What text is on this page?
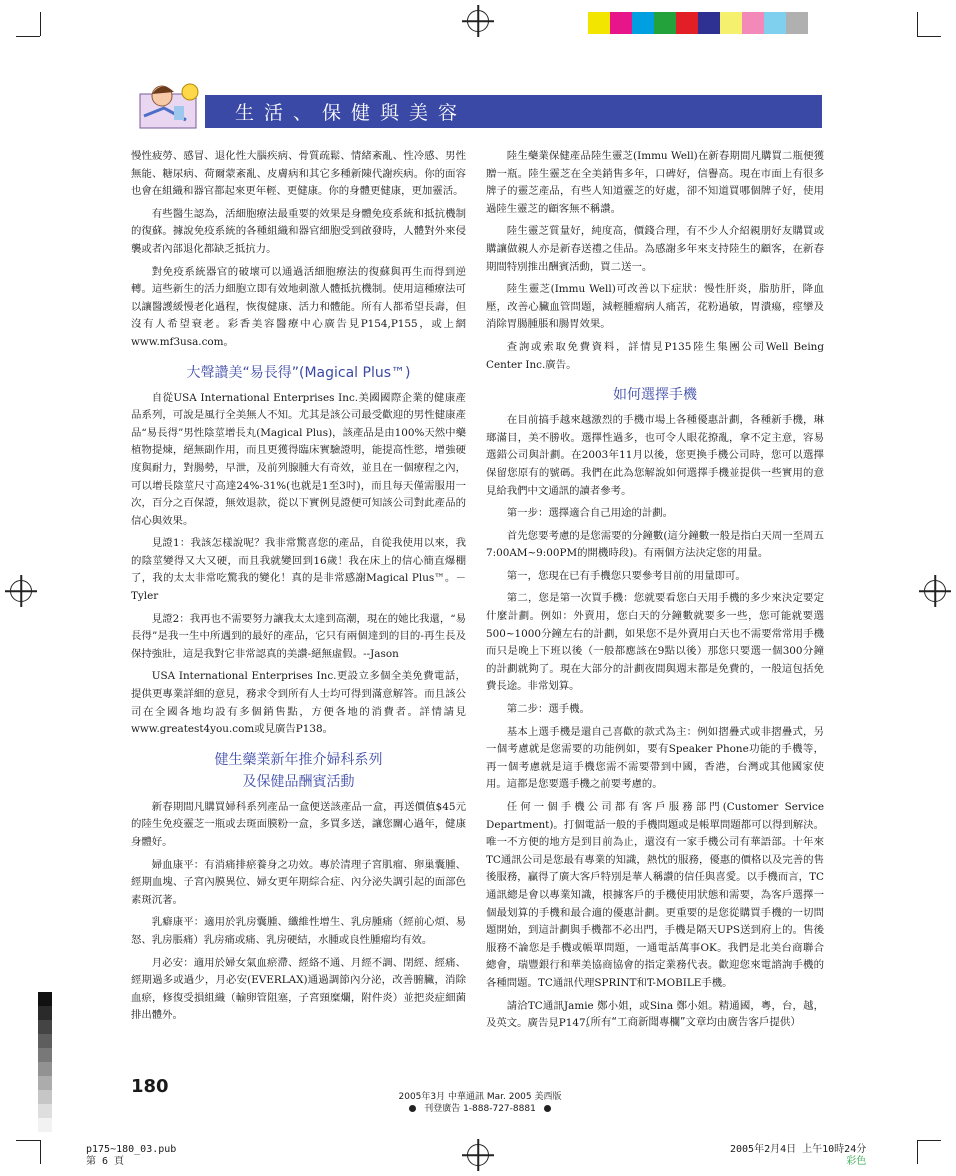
生活、保健與美容

慢性疲勞、感冒、退化性大腦疾病、骨質疏鬆、情緒紊亂、性冷感、男性無能、糖尿病、荷爾蒙紊亂、皮膚病和其它多種新陳代謝疾病。你的面容也會在組織和器官都起來更年輕、更健康。你的身體更健康，更加靈活。

有些醫生認為，活細胞療法最重要的效果是身體免疫系統和抵抗機制的復蘇。據說免疫系統的各種組織和器官細胞受到啟發時，人體對外來侵襲或者內部退化都缺乏抵抗力。

對免疫系統器官的破壞可以通過活細胞療法的復蘇與再生而得到逆轉。這些新生的活力細胞立即有效地刺激人體抵抗機制。使用這種療法可以讓醫護緩慢老化過程，恢復健康、活力和體能。所有人都希望長壽，但沒有人希望衰老。彩香美容醫療中心廣告見P154,P155，或上網www.mf3usa.com。

大聲讚美“易長得”(Magical Plus™)

自從USA International Enterprises Inc.美國國際企業的健康產品系列，可說是風行全美無人不知。尤其是該公司最受歡迎的男性健康產品“易長得”男性陰莖增長丸(Magical Plus)，該產品是由100%天然中藥植物提煉，絕無副作用，而且更獲得臨床實驗證明，能提高性慾，增強硬度與耐力，對腸勢，早泄，及前列腺腫大有奇效，並且在一個療程之內，可以增長陰莖尺寸高達24%-31%(也就是1至3吋)，而且每天僅需服用一次，百分之百保證，無效退款，從以下實例見證便可知該公司對此產品的信心與效果。

見證1：我該怎樣說呢？我非常驚喜您的產品，自從我使用以來，我的陰莖變得又大又硬，而且我就變回到16歲！我在床上的信心簡直爆棚了，我的太太非常吃驚我的變化！真的是非常感謝Magical Plus™。－Tyler

見證2：我再也不需要努力讓我太太達到高潮，現在的她比我還，“易長得”是我一生中所遇到的最好的產品，它只有兩個達到的目的-再生長及保持強壯，這是我對它非常認真的美讚-絕無虛假。--Jason

USA International Enterprises Inc.更設立多個全美免費電話，提供更專業詳細的意見，務求令到所有人士均可得到滿意解答。而且該公司在全國各地均設有多個銷售點，方便各地的消費者。詳情請見www.greatest4you.com或見廣告P138。

健生藥業新年推介婦科系列
及保健品酬賓活動

新春期間凡購買婦科系列產品一盒便送該產品一盒，再送價值$45元的陸生免疫靈芝一瓶或去斑面膜粉一盒，多買多送，讓您關心過年，健康身體好。

婦血康平：有消痛排瘀養身之功效。專於清理子宮肌瘤、卵巢囊腫、經期血塊、子宮內膜異位、婦女更年期綜合症、內分泌失調引起的面部色素斑沉著。

乳癖康平：適用於乳房囊腫、纖維性增生、乳房腫痛（經前心煩、易怒、乳房脹痛）乳房痛或痛、乳房硬結，水腫或良性腫瘤均有效。

月必安：適用於婦女氣血瘀滯、經絡不通、月經不調、閉經、經痛、經期過多或過少，月必安(EVERLAX)通過調節內分泌，改善腑臟，消除血瘀，修復受損組織（輸卵管阻塞，子宮頸糜爛，附件炎）並把炎症細菌排出體外。

陸生藥業保健產品陸生靈芝(Immu Well)在新春期間凡購買二瓶便獲贈一瓶。陸生靈芝在全美銷售多年，口碑好，信譽高。現在市面上有很多牌子的靈芝產品，有些人知道靈芝的好處，卻不知道買哪個牌子好，使用過陸生靈芝的顧客無不稱讚。

陸生靈芝質量好，純度高，價錢合理，有不少人介紹親朋好友購買或購讓做親人亦是新春送禮之佳品。為感謝多年來支持陸生的顧客，在新春期間特別推出酬賓活動，買二送一。

陸生靈芝(Immu Well)可改善以下症狀：慢性肝炎，脂肪肝，降血壓，改善心臟血管問題，減輕腫瘤病人痛苦，花粉過敏，胃潰瘍，痙攣及消除胃腸腫脹和腸胃效果。

查詢或索取免費資料，詳情見P135陸生集團公司Well Being Center Inc.廣告。

如何選擇手機

在目前搞手越來越激烈的手機市場上各種優惠計劃，各種新手機，琳瑯滿目，美不勝收。選擇性過多，也可令人眼花撩亂，拿不定主意，容易選錯公司與計劃。在2003年11月以後，您更換手機公司時，您可以選擇保留您原有的號碼。我們在此為您解說如何選擇手機並提供一些實用的意見給我們中文通訊的讀者參考。

第一步：選擇適合自己用途的計劃。

首先您要考慮的是您需要的分鐘數(這分鐘數一般是指白天周一至周五7:00AM~9:00PM的開機時段)。有兩個方法決定您的用量。

第一，您現在已有手機您只要參考目前的用量即可。

第二，您是第一次買手機：您就要看您白天用手機的多少來決定要定什麼計劃。例如：外賣用，您白天的分鐘數就要多一些，您可能就要選500~1000分鐘左右的計劃，如果您不是外賣用白天也不需要常常用手機而只是晚上下班以後（一般都應該在9點以後）那您只要選一個300分鐘的計劃就夠了。現在大部分的計劃夜間與週末都是免費的，一般這包括免費長途。非常划算。

第二步：選手機。

基本上選手機是還自己喜歡的款式為主：例如摺疊式或非摺疊式，另一個考慮就是您需要的功能例如，要有Speaker Phone功能的手機等，再一個考慮就是這手機您需不需要帶到中國，香港，台灣或其他國家使用。這都是您要選手機之前要考慮的。

任何一個手機公司都有客戶服務部門(Customer Service Department)。打個電話一般的手機問題或是帳單問題都可以得到解決。唯一不方便的地方是到目前為止，還沒有一家手機公司有華語部。十年來TC通訊公司是您最有專業的知識，熱忱的服務，優惠的價格以及完善的售後服務，贏得了廣大客戶特別是華人稱讚的信任與喜愛。以手機而言，TC通訊總是會以專業知識，根據客戶的手機使用狀態和需要，為客戶選擇一個最划算的手機和最合適的優惠計劃。更重要的是您從購買手機的一切問題開始，到這計劃與手機都不必出門，手機是隔天UPS送到府上的。售後服務不論您是手機或帳單問題，一通電話萬事OK。我們是北美台商聯合總會，瑞豐銀行和華美協商協會的指定業務代表。歡迎您來電諮詢手機的各種問題。TC通訊代理SPRINT和T-MOBILE手機。

請洽TC通訊Jamie 鄭小姐，或Sina 鄭小姐。精通國，粵，台，越，及英文。廣告見P147。

（所有“工商新聞專欄”文章均由廣告客戶提供）
180	2005年3月 中華通訊 Mar. 2005 美西版
刊登廣告 1-888-727-8881
p175~180_03.pub
第 6 頁
2005年2月4日 上午10時24分
彩色
